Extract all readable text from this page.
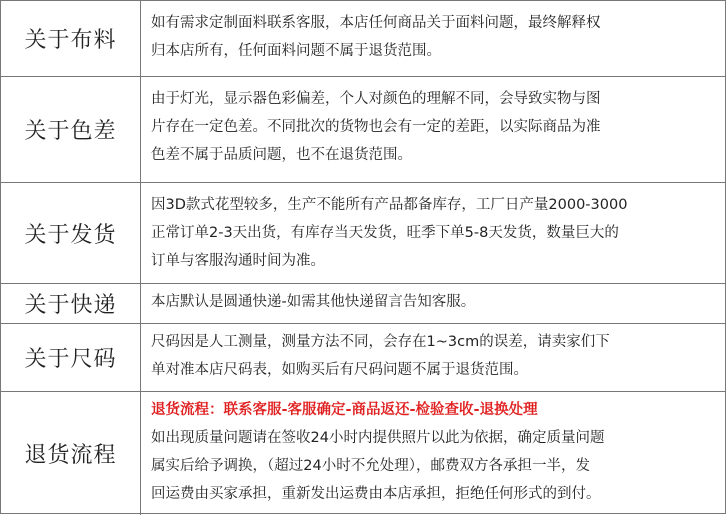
关于布料
如有需求定制面料联系客服，本店任何商品关于面料问题，最终解释权
归本店所有，任何面料问题不属于退货范围。
关于色差
由于灯光，显示器色彩偏差，个人对颜色的理解不同，会导致实物与图
片存在一定色差。不同批次的货物也会有一定的差距，以实际商品为准
色差不属于品质问题，也不在退货范围。
关于发货
因3D款式花型较多，生产不能所有产品都备库存，工厂日产量2000-3000
正常订单2-3天出货，有库存当天发货，旺季下单5-8天发货，数量巨大的
订单与客服沟通时间为准。
关于快递	本店默认是圆通快递-如需其他快递留言告知客服。
关于尺码
尺码因是人工测量，测量方法不同，会存在1~3cm的误差，请卖家们下
单对准本店尺码表，如购买后有尺码问题不属于退货范围。
退货流程
退货流程：联系客服-客服确定-商品返还-检验查收-退换处理
如出现质量问题请在签收24小时内提供照片以此为依据，确定质量问题
属实后给予调换，（超过24小时不允处理），邮费双方各承担一半，发
回运费由买家承担，重新发出运费由本店承担，拒绝任何形式的到付。
